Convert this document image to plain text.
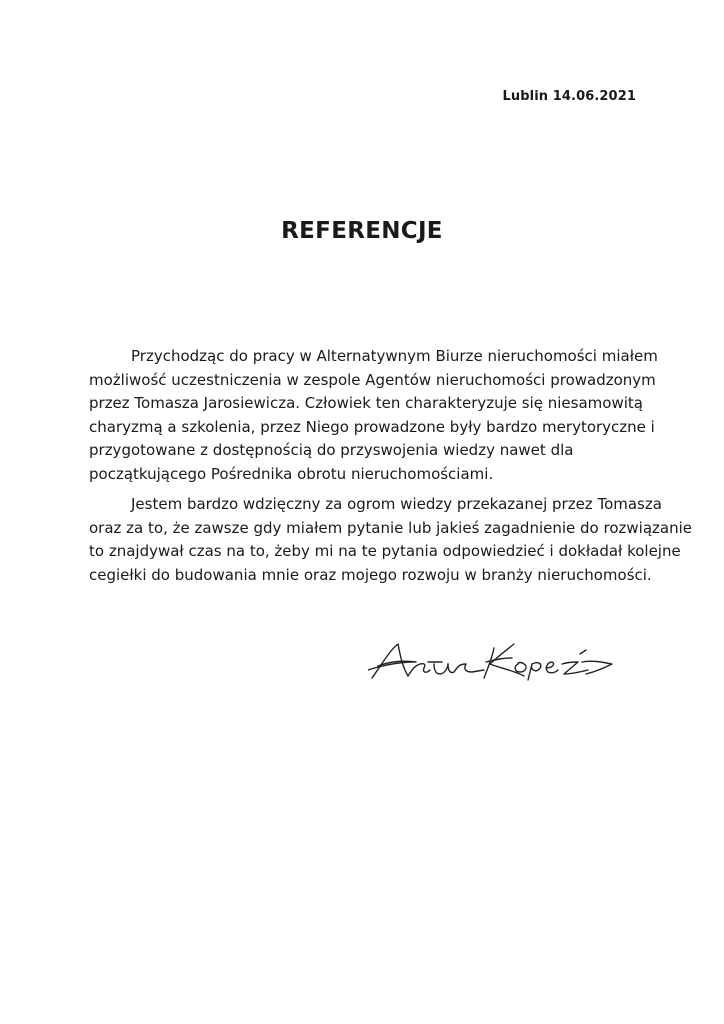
Lublin 14.06.2021
REFERENCJE
Przychodząc do pracy w Alternatywnym Biurze nieruchomości miałem
możliwość uczestniczenia w zespole Agentów nieruchomości prowadzonym
przez Tomasza Jarosiewicza. Człowiek ten charakteryzuje się niesamowitą
charyzmą a szkolenia, przez Niego prowadzone były bardzo merytoryczne i
przygotowane z dostępnością do przyswojenia wiedzy nawet dla
początkującego Pośrednika obrotu nieruchomościami.
Jestem bardzo wdzięczny za ogrom wiedzy przekazanej przez Tomasza
oraz za to, że zawsze gdy miałem pytanie lub jakieś zagadnienie do rozwiązanie
to znajdywał czas na to, żeby mi na te pytania odpowiedzieć i dokładał kolejne
cegiełki do budowania mnie oraz mojego rozwoju w branży nieruchomości.
